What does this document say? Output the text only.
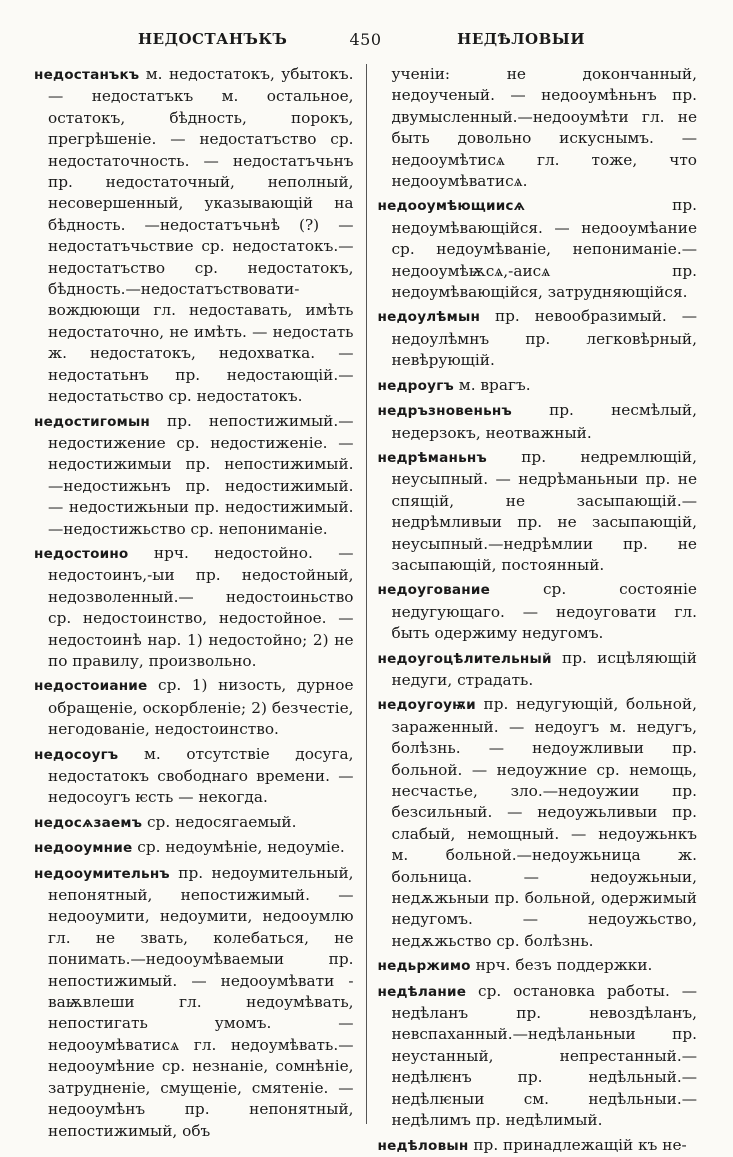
НЕДОСТАНЪКЪ	450	НЕДѢЛОВЫИ

недостанъкъ м. недостатокъ, убытокъ. — недостатъкъ м. остальное, остатокъ, бѣдность, порокъ, прегрѣшеніе. — недостатъство ср. недостаточность. — недостатъчьнъ пр. недостаточный, неполный, несовершенный, указывающій на бѣдность. —недостатъчьнѣ (?) — недостатъчьствие ср. недостатокъ.— недостатъство ср. недостатокъ, бѣдность.—недостатъствовати-вождюющи гл. недоставать, имѣть недостаточно, не имѣть. — недостать ж. недостатокъ, недохватка. — недостатьнъ пр. недостающій.— недостатьство ср. недостатокъ.

недостигомын пр. непостижимый.— недостижение ср. недостиженіе. — недостижимыи пр. непостижимый. —недостижьнъ пр. недостижимый. — недостижьныи пр. недостижимый. —недостижьство ср. непониманіе.

недостоино нрч. недостойно. — недостоинъ,-ыи пр. недостойный, недозволенный.— недостоиньство ср. недостоинство, недостойное. — недостоинѣ нар. 1) недостойно; 2) не по правилу, произвольно.

недостоиание ср. 1) низость, дурное обращеніе, оскорбленіе; 2) безчестіе, негодованіе, недостоинство.

недосоугъ м. отсутствіе досуга, недостатокъ свободнаго времени. — недосоугъ ѥсть — некогда.

недосѧзаемъ ср. недосягаемый.

недооумние ср. недоумѣніе, недоуміе.

недооумительнъ пр. недоумительный, непонятный, непостижимый. — недооумити, недоумити, недооумлю гл. не звать, колебаться, не понимать.—недооумѣваемыи пр. непостижимый. — недооумѣвати - ваѭвлеши гл. недоумѣвать, непостигать умомъ. — недооумѣватисѧ гл. недоумѣвать.—недооумѣние ср. незнаніе, сомнѣніе, затрудненіе, смущеніе, смятеніе. — недооумѣнъ пр. непонятный, непостижимый, объ

ученіи: не докончанный, недоученый. — недооумѣньнъ пр. двумысленный.—недооумѣти гл. не быть довольно искуснымъ. — недооумѣтисѧ гл. тоже, что недооумѣватисѧ.

недооумѣющиисѧ пр. недоумѣвающійся. — недооумѣание ср. недоумѣваніе, непониманіе.—недооумѣѭсѧ,-аисѧ пр. недоумѣвающійся, затрудняющійся.

недоулѣмын пр. невообразимый. — недоулѣмнъ пр. легковѣрный, невѣрующій.

недроугъ м. врагъ.

недръзновеньнъ пр. несмѣлый, недерзокъ, неотважный.

недрѣманьнъ пр. недремлющій, неусыпный. — недрѣманьныи пр. не спящій, не засыпающій.—недрѣмливыи пр. не засыпающій, неусыпный.—недрѣмлии пр. не засыпающій, постоянный.

недоугование ср. состояніе недугующаго. — недоуговати гл. быть одержиму недугомъ.

недоугоцѣлительный пр. исцѣляющій недуги, страдать.

недоугоуѭи пр. недугующій, больной, зараженный. — недоугъ м. недугъ, болѣзнь. — недоужливыи пр. больной. — недоужние ср. немощь, несчастье, зло.—недоужии пр. безсильный. — недоужьливыи пр. слабый, немощный. — недоужьнкъ м. больной.—недоужьница ж. больница. — недоужьныи, недѫжьныи пр. больной, одержимый недугомъ. — недоужьство, недѫжьство ср. болѣзнь.

недьржимо нрч. безъ поддержки.

недѣлание ср. остановка работы. — недѣланъ пр. невоздѣланъ, невспаханный.—недѣланьныи пр. неустанный, непрестанный.—недѣлѥнъ пр. недѣльный.—недѣлѥныи см. недѣльныи.— недѣлимъ пр. недѣлимый.

недѣловын пр. принадлежащій къ не-
